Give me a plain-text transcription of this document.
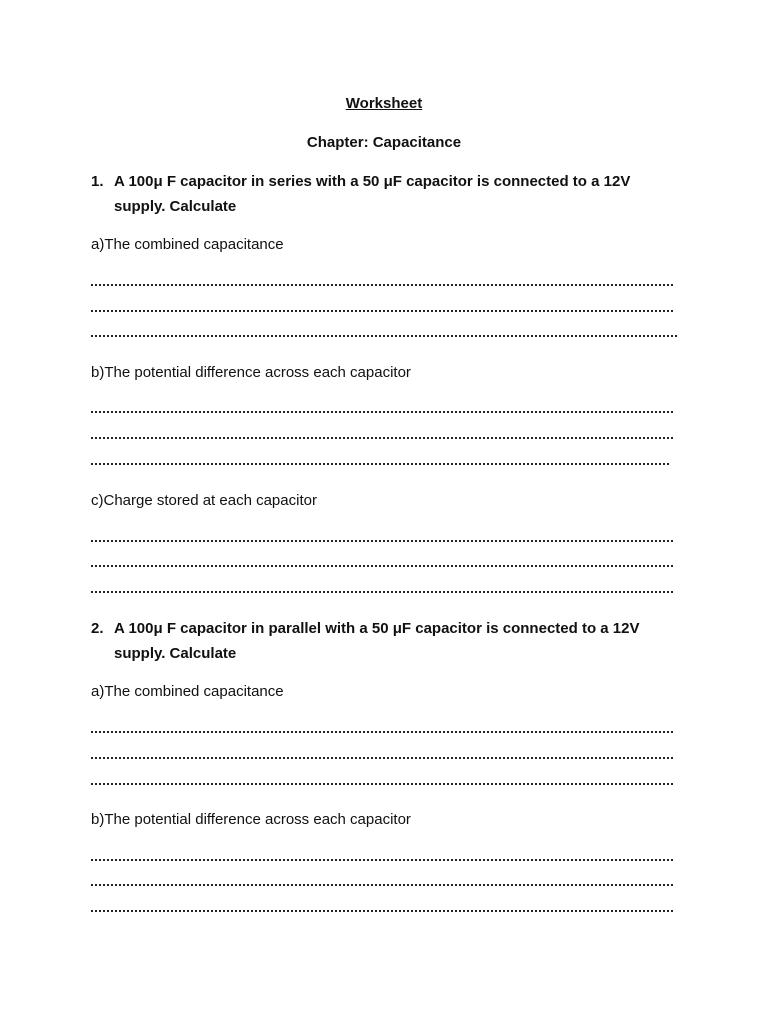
Worksheet
Chapter: Capacitance
1. A 100μ F capacitor in series with a 50 μF capacitor is connected to a 12V supply. Calculate
a)The combined capacitance
b)The potential difference across each capacitor
c)Charge stored at each capacitor
2. A 100μ F capacitor in parallel with a 50 μF capacitor is connected to a 12V supply. Calculate
a)The combined capacitance
b)The potential difference across each capacitor
